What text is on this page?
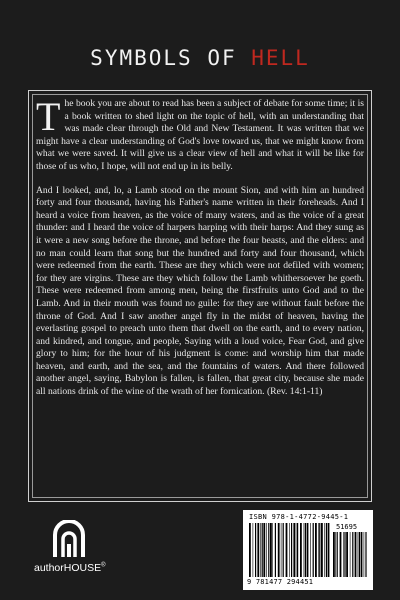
SYMBOLS OF HELL

The book you are about to read has been a subject of debate for some time; it is a book written to shed light on the topic of hell, with an understanding that was made clear through the Old and New Testament. It was written that we might have a clear understanding of God's love toward us, that we might know from what we were saved. It will give us a clear view of hell and what it will be like for those of us who, I hope, will not end up in its belly.

And I looked, and, lo, a Lamb stood on the mount Sion, and with him an hundred forty and four thousand, having his Father's name written in their foreheads. And I heard a voice from heaven, as the voice of many waters, and as the voice of a great thunder: and I heard the voice of harpers harping with their harps: And they sung as it were a new song before the throne, and before the four beasts, and the elders: and no man could learn that song but the hundred and forty and four thousand, which were redeemed from the earth. These are they which were not defiled with women; for they are virgins. These are they which follow the Lamb whithersoever he goeth. These were redeemed from among men, being the firstfruits unto God and to the Lamb. And in their mouth was found no guile: for they are without fault before the throne of God. And I saw another angel fly in the midst of heaven, having the everlasting gospel to preach unto them that dwell on the earth, and to every nation, and kindred, and tongue, and people, Saying with a loud voice, Fear God, and give glory to him; for the hour of his judgment is come: and worship him that made heaven, and earth, and the sea, and the fountains of waters. And there followed another angel, saying, Babylon is fallen, is fallen, that great city, because she made all nations drink of the wine of the wrath of her fornication. (Rev. 14:1-11)

authorHOUSE®
ISBN 978-1-4772-9445-1
51695
9 781477 294451
